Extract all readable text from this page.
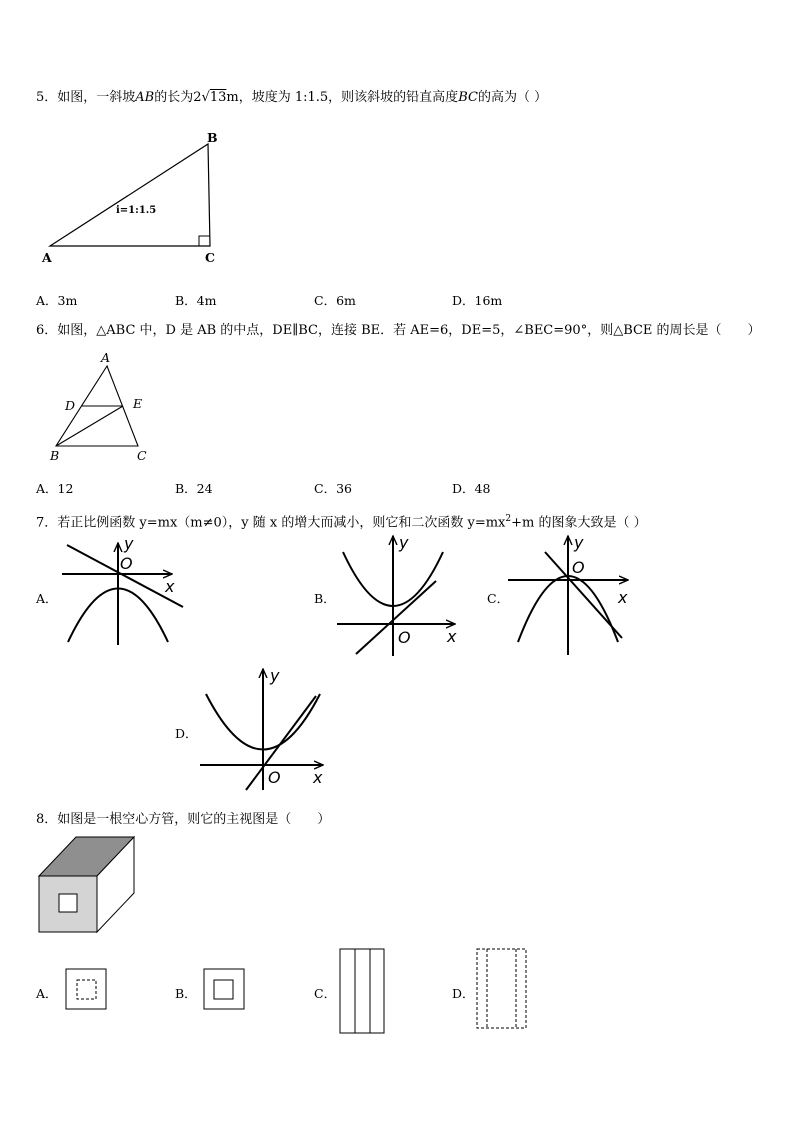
5．如图，一斜坡AB的长为2√13m，坡度为 1:1.5，则该斜坡的铅直高度BC的高为（ ）
B
A	C
i=1:1.5
A．3m	B．4m	C．6m	D．16m
6．如图，△ABC 中，D 是 AB 的中点，DE∥BC，连接 BE．若 AE=6，DE=5，∠BEC=90°，则△BCE 的周长是（　　）
A
D	E
B	C
A．12	B．24	C．36	D．48
7．若正比例函数 y=mx（m≠0），y 随 x 的增大而减小，则它和二次函数 $y=mx^2+m$ 的图象大致是（ ）
y
O
x
y
O x
y
O
x
y
O x
A．	B．	C．
D．
8．如图是一根空心方管，则它的主视图是（　　）
A．	B．	C．	D．
